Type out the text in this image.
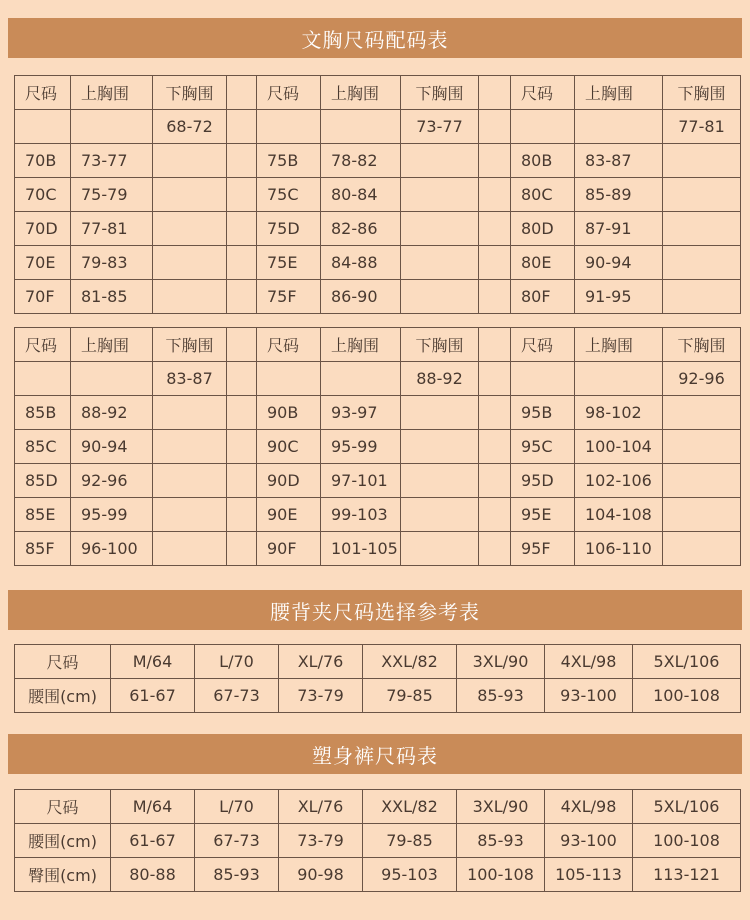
文胸尺码配码表
尺码	上胸围	下胸围		尺码	上胸围	下胸围		尺码	上胸围	下胸围
		68-72				73-77				77-81
70B	73-77			75B	78-82			80B	83-87	
70C	75-79			75C	80-84			80C	85-89	
70D	77-81			75D	82-86			80D	87-91	
70E	79-83			75E	84-88			80E	90-94	
70F	81-85			75F	86-90			80F	91-95	
尺码	上胸围	下胸围		尺码	上胸围	下胸围		尺码	上胸围	下胸围
		83-87				88-92				92-96
85B	88-92			90B	93-97			95B	98-102	
85C	90-94			90C	95-99			95C	100-104	
85D	92-96			90D	97-101			95D	102-106	
85E	95-99			90E	99-103			95E	104-108	
85F	96-100			90F	101-105			95F	106-110	
腰背夹尺码选择参考表
尺码	M/64	L/70	XL/76	XXL/82	3XL/90	4XL/98	5XL/106
腰围(cm)	61-67	67-73	73-79	79-85	85-93	93-100	100-108
塑身裤尺码表
尺码	M/64	L/70	XL/76	XXL/82	3XL/90	4XL/98	5XL/106
腰围(cm)	61-67	67-73	73-79	79-85	85-93	93-100	100-108
臀围(cm)	80-88	85-93	90-98	95-103	100-108	105-113	113-121
